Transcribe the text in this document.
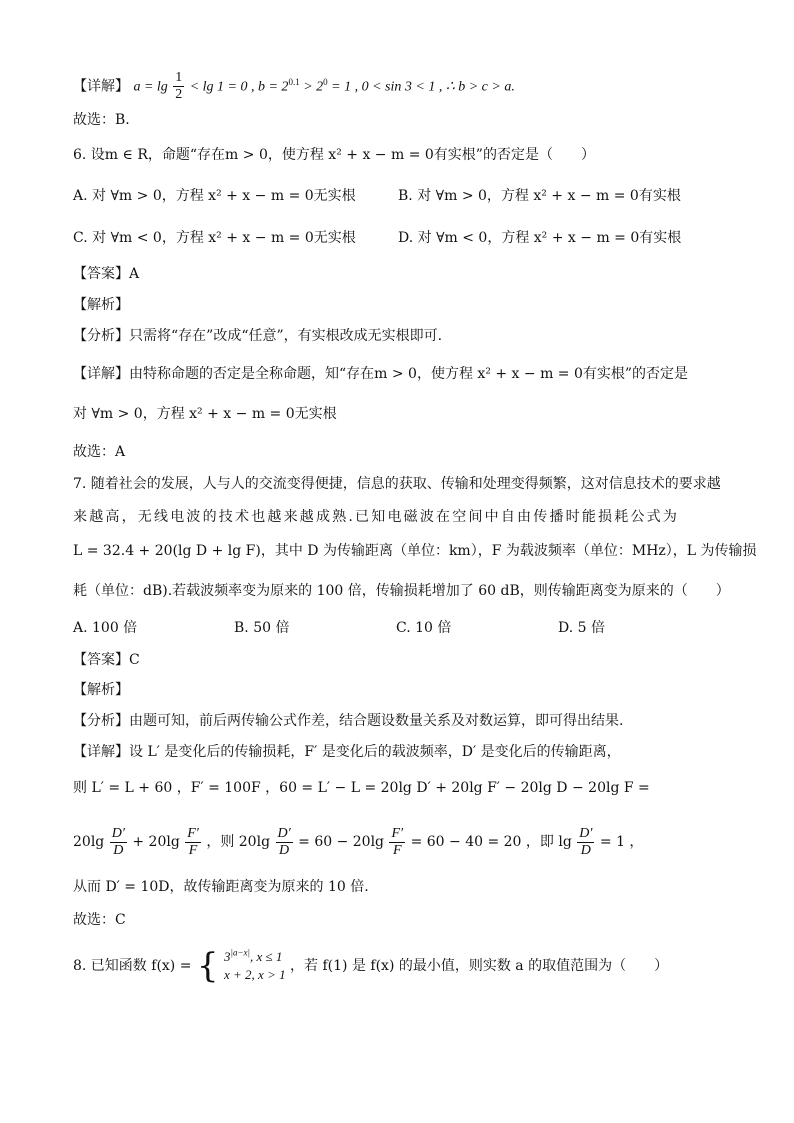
【详解】 $a = \lg \frac{1}{2} < \lg 1 = 0$ , $b = 2^{0.1} > 2^0 = 1$ , 0 < sin 3 < 1 , ∴ b > c > a.
故选：B.
6. 设m ∈ R，命题“存在m > 0，使方程 x² + x − m = 0有实根”的否定是（　　）
A. 对 ∀m > 0，方程 x² + x − m = 0无实根	B. 对 ∀m > 0，方程 x² + x − m = 0有实根
C. 对 ∀m < 0，方程 x² + x − m = 0无实根	D. 对 ∀m < 0，方程 x² + x − m = 0有实根
【答案】A
【解析】
【分析】只需将“存在”改成“任意”，有实根改成无实根即可.
【详解】由特称命题的否定是全称命题，知“存在m > 0，使方程 x² + x − m = 0有实根”的否定是
对 ∀m > 0，方程 x² + x − m = 0无实根
故选：A
7. 随着社会的发展，人与人的交流变得便捷，信息的获取、传输和处理变得频繁，这对信息技术的要求越
来越高，无线电波的技术也越来越成熟.已知电磁波在空间中自由传播时能损耗公式为
L = 32.4 + 20(lg D + lg F)，其中 D 为传输距离（单位：km），F 为载波频率（单位：MHz），L 为传输损
耗（单位：dB).若载波频率变为原来的 100 倍，传输损耗增加了 60 dB，则传输距离变为原来的（　　）
A. 100 倍	B. 50 倍	C. 10 倍	D. 5 倍
【答案】C
【解析】
【分析】由题可知，前后两传输公式作差，结合题设数量关系及对数运算，即可得出结果.
【详解】设 L′ 是变化后的传输损耗，F′ 是变化后的载波频率，D′ 是变化后的传输距离，
则 L′ = L + 60 ，F′ = 100F ，60 = L′ − L = 20lg D′ + 20lg F′ − 20lg D − 20lg F =
$20\lg \frac{D'}{D} + 20\lg \frac{F'}{F}$ ，则 $20\lg \frac{D'}{D} = 60 - 20\lg \frac{F'}{F} = 60 - 40 = 20$ ，即 $\lg \frac{D'}{D} = 1$ ，
从而 D′ = 10D，故传输距离变为原来的 10 倍.
故选：C
8. 已知函数 f(x) = { $3^{|a-x|}$, x ≤ 1
x + 2, x > 1
，若 f(1) 是 f(x) 的最小值，则实数 a 的取值范围为（　　）
